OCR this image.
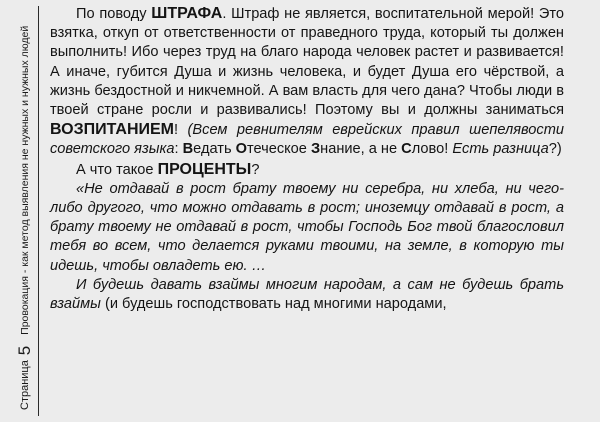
Страница 5 Провокация - как метод выявления не нужных и нужных людей

По поводу ШТРАФА. Штраф не является, воспитательной мерой! Это взятка, откуп от ответственности от праведного труда, который ты должен выполнить! Ибо через труд на благо народа человек растет и развивается! А иначе, губится Душа и жизнь человека, и будет Душа его чёрствой, а жизнь бездостной и никчемной. А вам власть для чего дана? Чтобы люди в твоей стране росли и развивались! Поэтому вы и должны заниматься ВОЗПИТАНИЕМ! (Всем ревнителям еврейских правил шепелявости советского языка: Ведать Отечеcкое Знание, а не Слово! Есть разница?)

А что такое ПРОЦЕНТЫ?

«Не отдавай в рост брату твоему ни серебра, ни хлеба, ни чего-либо другого, что можно отдавать в рост; иноземцу отдавай в рост, а брату твоему не отдавай в рост, чтобы Господь Бог твой благословил тебя во всем, что делается руками твоими, на земле, в которую ты идешь, чтобы овладеть ею. …

И будешь давать взаймы многим народам, а сам не будешь брать взаймы (и будешь господствовать над многими народами,
